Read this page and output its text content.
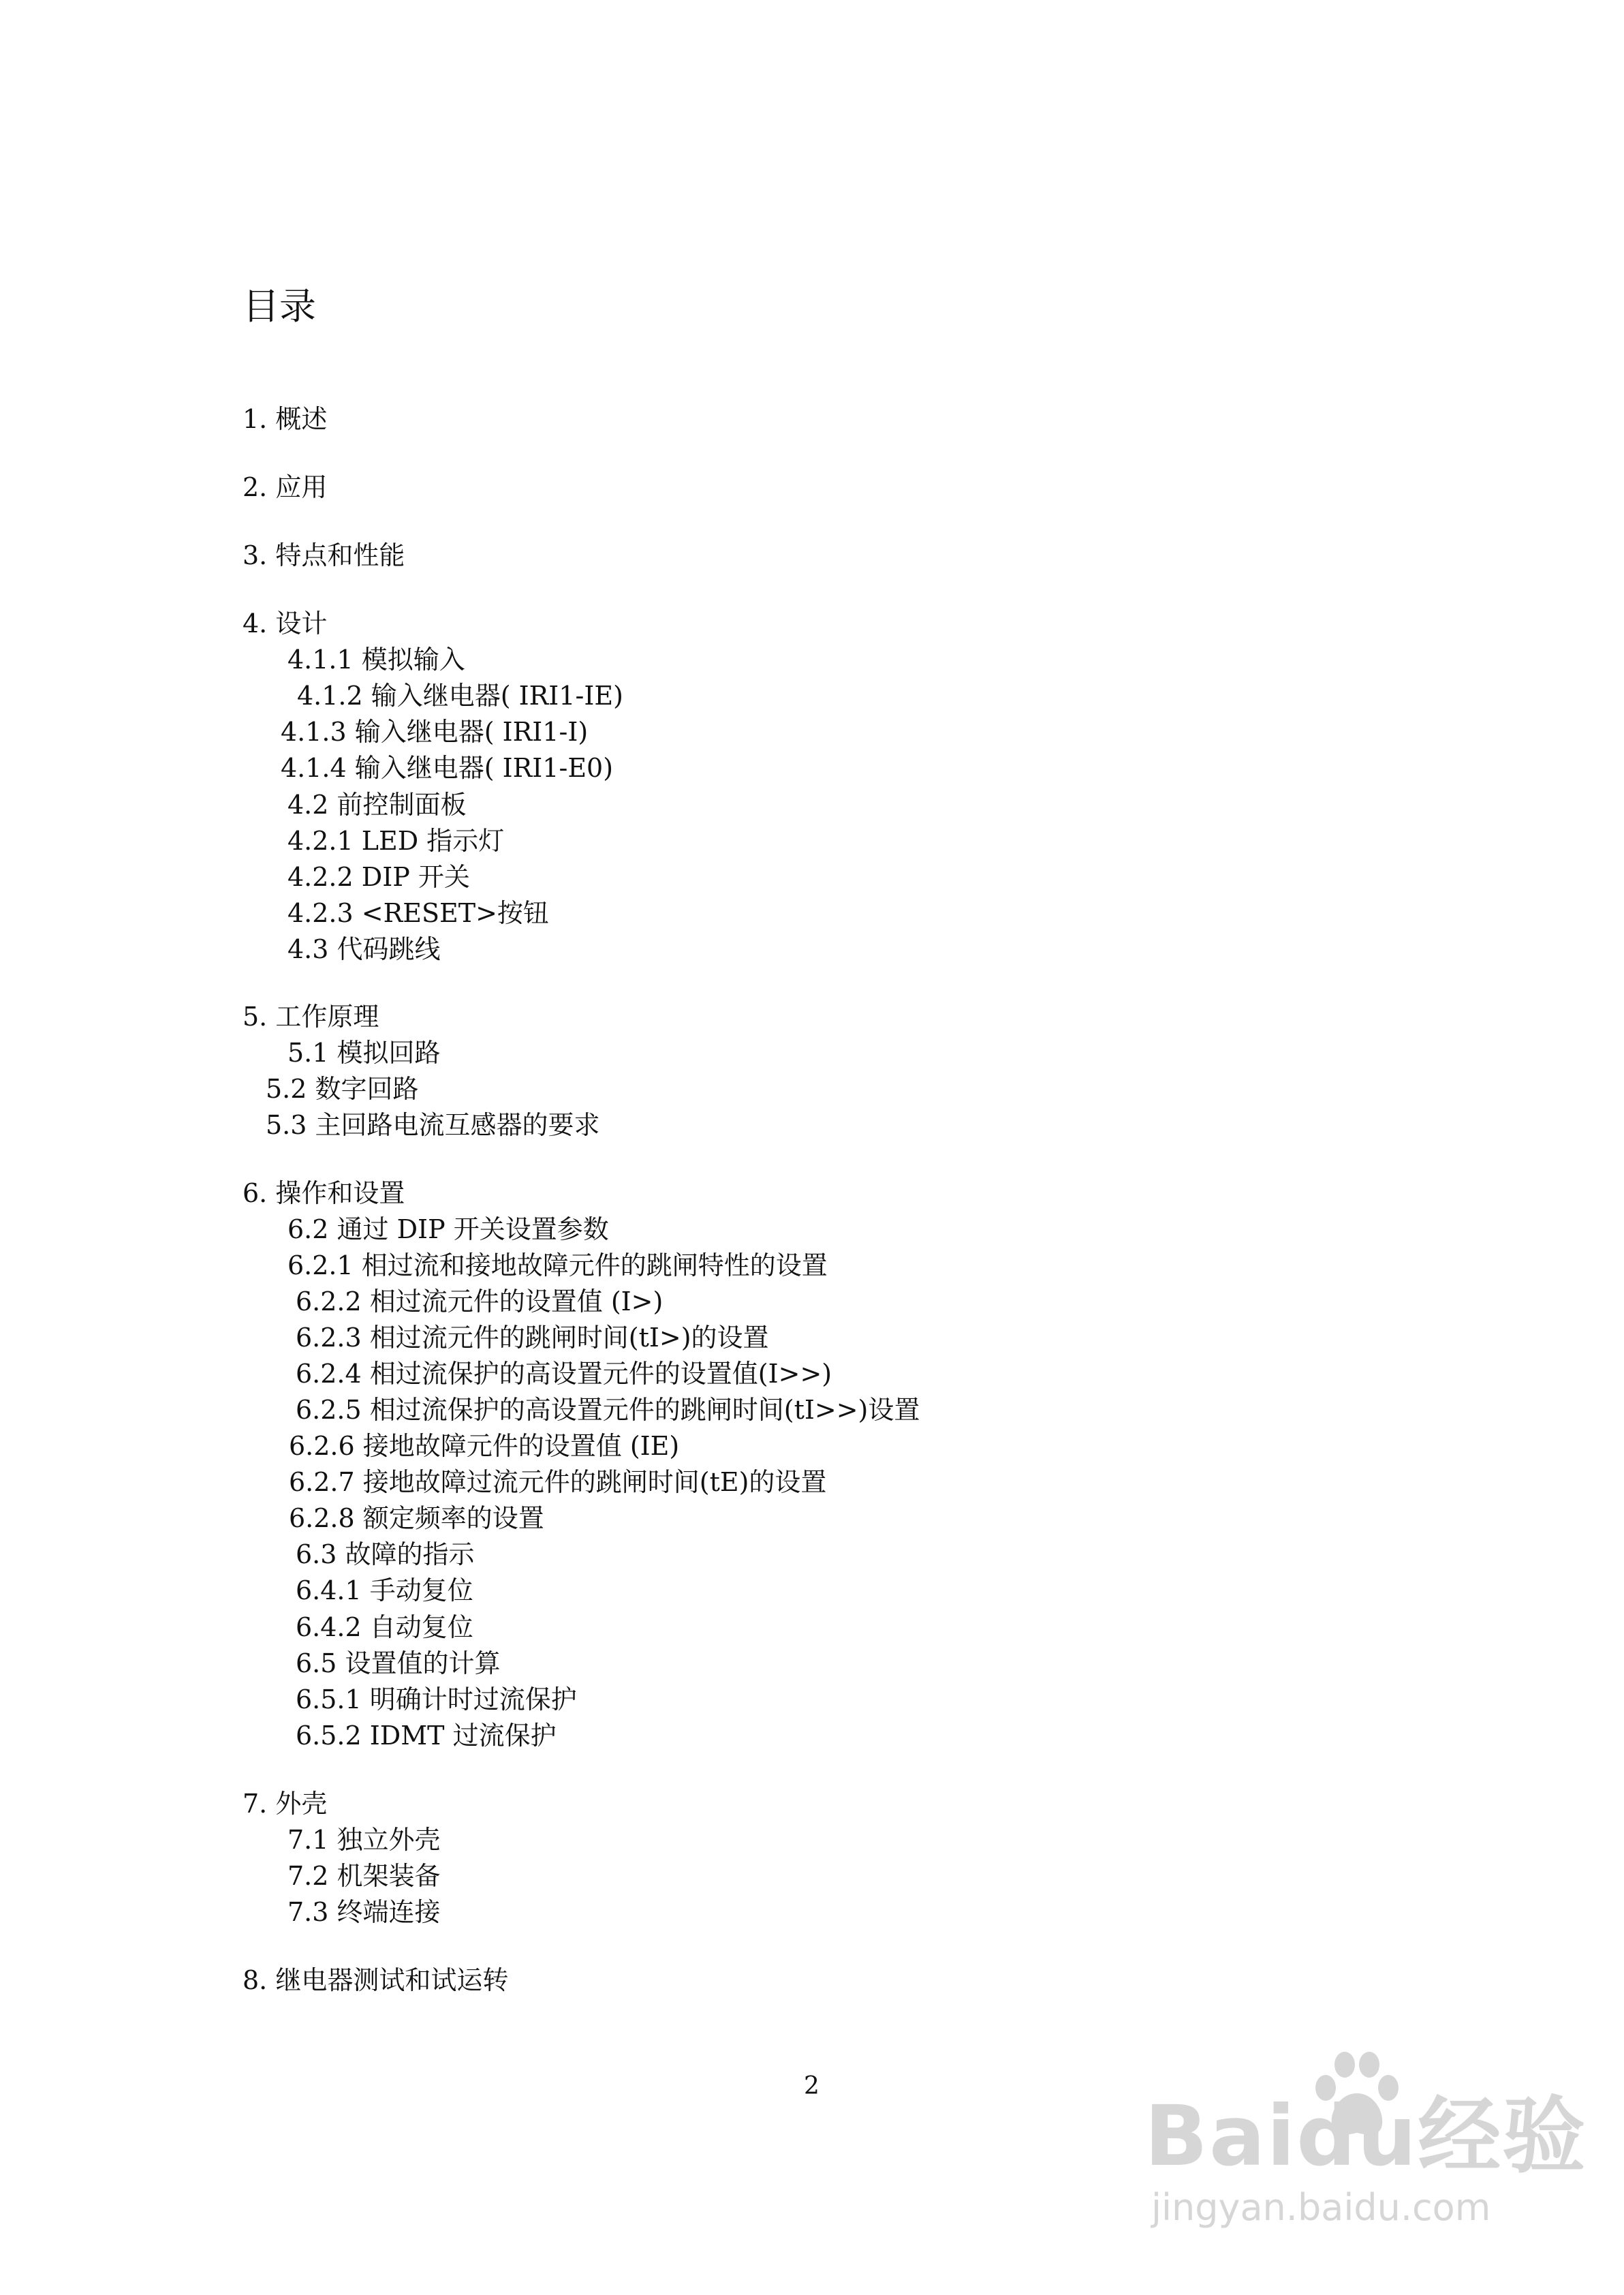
目录
1. 概述
2. 应用
3. 特点和性能
4. 设计
4.1.1 模拟输入
4.1.2 输入继电器( IRI1-IE)
4.1.3 输入继电器( IRI1-I)
4.1.4 输入继电器( IRI1-E0)
4.2 前控制面板
4.2.1 LED 指示灯
4.2.2 DIP 开关
4.2.3 <RESET>按钮
4.3 代码跳线
5. 工作原理
5.1 模拟回路
5.2 数字回路
5.3 主回路电流互感器的要求
6. 操作和设置
6.2 通过 DIP 开关设置参数
6.2.1 相过流和接地故障元件的跳闸特性的设置
6.2.2 相过流元件的设置值 (I>)
6.2.3 相过流元件的跳闸时间(tI>)的设置
6.2.4 相过流保护的高设置元件的设置值(I>>)
6.2.5 相过流保护的高设置元件的跳闸时间(tI>>)设置
6.2.6 接地故障元件的设置值 (IE)
6.2.7 接地故障过流元件的跳闸时间(tE)的设置
6.2.8 额定频率的设置
6.3 故障的指示
6.4.1 手动复位
6.4.2 自动复位
6.5 设置值的计算
6.5.1 明确计时过流保护
6.5.2 IDMT 过流保护
7. 外壳
7.1 独立外壳
7.2 机架装备
7.3 终端连接
8. 继电器测试和试运转
2
Baidu经验
jingyan.baidu.com
